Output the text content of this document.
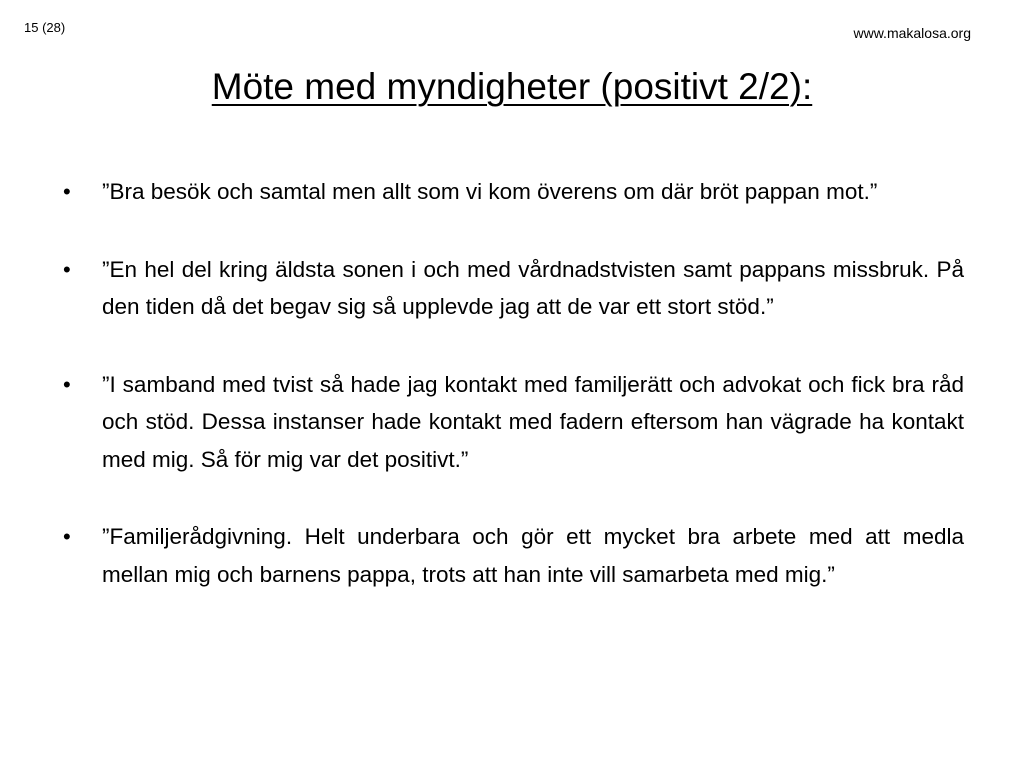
15 (28)	www.makalosa.org
Möte med myndigheter (positivt 2/2):
• ”Bra besök och samtal men allt som vi kom överens om där bröt pappan mot.”
• ”En hel del kring äldsta sonen i och med vårdnadstvisten samt pappans missbruk. På den tiden då det begav sig så upplevde jag att de var ett stort stöd.”
• ”I samband med tvist så hade jag kontakt med familjerätt och advokat och fick bra råd och stöd. Dessa instanser hade kontakt med fadern eftersom han vägrade ha kontakt med mig. Så för mig var det positivt.”
• ”Familjerådgivning. Helt underbara och gör ett mycket bra arbete med att medla mellan mig och barnens pappa, trots att han inte vill samarbeta med mig.”
